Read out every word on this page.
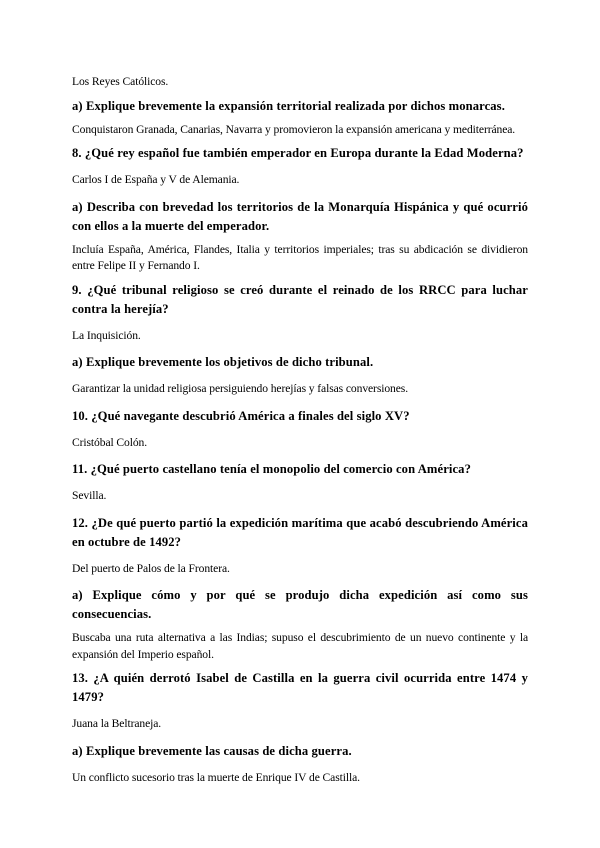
Los Reyes Católicos.

a) Explique brevemente la expansión territorial realizada por dichos monarcas.

Conquistaron Granada, Canarias, Navarra y promovieron la expansión americana y mediterránea.

8. ¿Qué rey español fue también emperador en Europa durante la Edad Moderna?

Carlos I de España y V de Alemania.

a) Describa con brevedad los territorios de la Monarquía Hispánica y qué ocurrió con ellos a la muerte del emperador.

Incluía España, América, Flandes, Italia y territorios imperiales; tras su abdicación se dividieron entre Felipe II y Fernando I.

9. ¿Qué tribunal religioso se creó durante el reinado de los RRCC para luchar contra la herejía?

La Inquisición.

a) Explique brevemente los objetivos de dicho tribunal.

Garantizar la unidad religiosa persiguiendo herejías y falsas conversiones.

10. ¿Qué navegante descubrió América a finales del siglo XV?

Cristóbal Colón.

11. ¿Qué puerto castellano tenía el monopolio del comercio con América?

Sevilla.

12. ¿De qué puerto partió la expedición marítima que acabó descubriendo América en octubre de 1492?

Del puerto de Palos de la Frontera.

a) Explique cómo y por qué se produjo dicha expedición así como sus consecuencias.

Buscaba una ruta alternativa a las Indias; supuso el descubrimiento de un nuevo continente y la expansión del Imperio español.

13. ¿A quién derrotó Isabel de Castilla en la guerra civil ocurrida entre 1474 y 1479?

Juana la Beltraneja.

a) Explique brevemente las causas de dicha guerra.

Un conflicto sucesorio tras la muerte de Enrique IV de Castilla.
